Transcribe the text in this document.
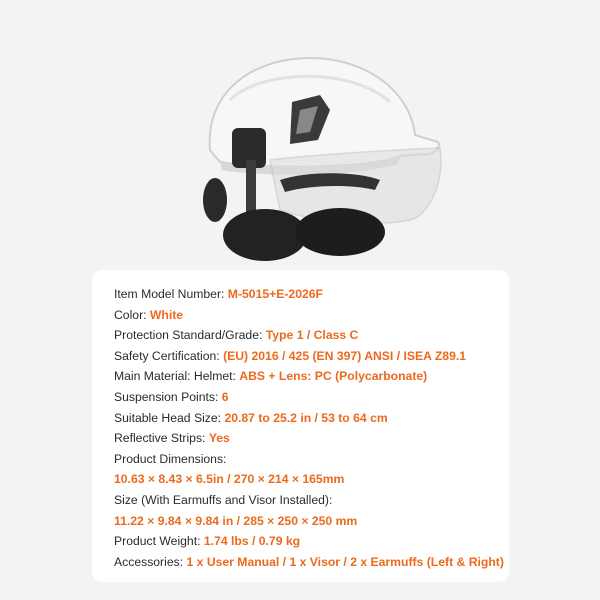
Item Model Number: M-5015+E-2026F
Color: White
Protection Standard/Grade: Type 1 / Class C
Safety Certification: (EU) 2016 / 425 (EN 397) ANSI / ISEA Z89.1
Main Material: Helmet: ABS + Lens: PC (Polycarbonate)
Suspension Points: 6
Suitable Head Size: 20.87 to 25.2 in / 53 to 64 cm
Reflective Strips: Yes
Product Dimensions:
10.63 × 8.43 × 6.5in / 270 × 214 × 165mm
Size (With Earmuffs and Visor Installed):
11.22 × 9.84 × 9.84 in / 285 × 250 × 250 mm
Product Weight: 1.74 lbs / 0.79 kg
Accessories: 1 x User Manual / 1 x Visor / 2 x Earmuffs (Left & Right)
